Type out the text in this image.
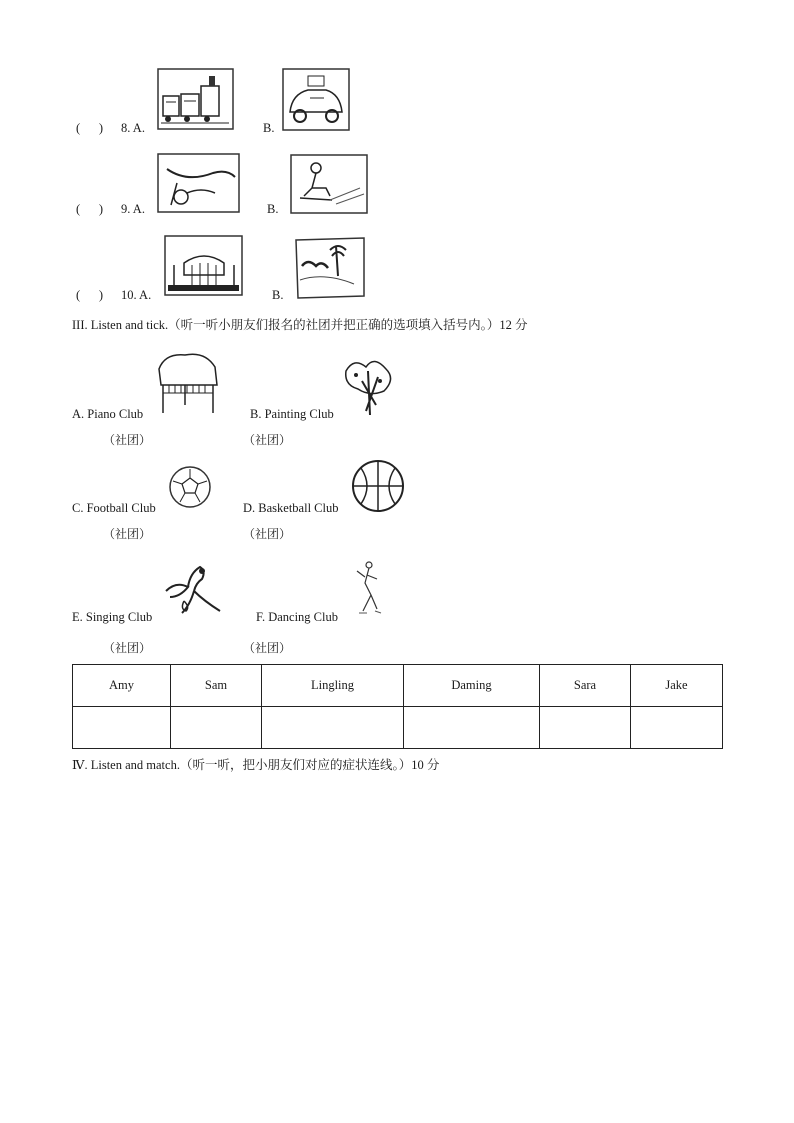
( ) 8. A.	B.
( ) 9. A.	B.
( ) 10. A.	B.
III. Listen and tick.（听一听小朋友们报名的社团并把正确的选项填入括号内。）12 分
A. Piano Club
（社团）
B. Painting Club
（社团）
C. Football Club
（社团）
D. Basketball Club
（社团）
E. Singing Club
（社团）
F. Dancing Club
（社团）
Amy	Sam	Lingling	Daming	Sara	Jake

Ⅳ. Listen and match.（听一听，把小朋友们对应的症状连线。）10 分
